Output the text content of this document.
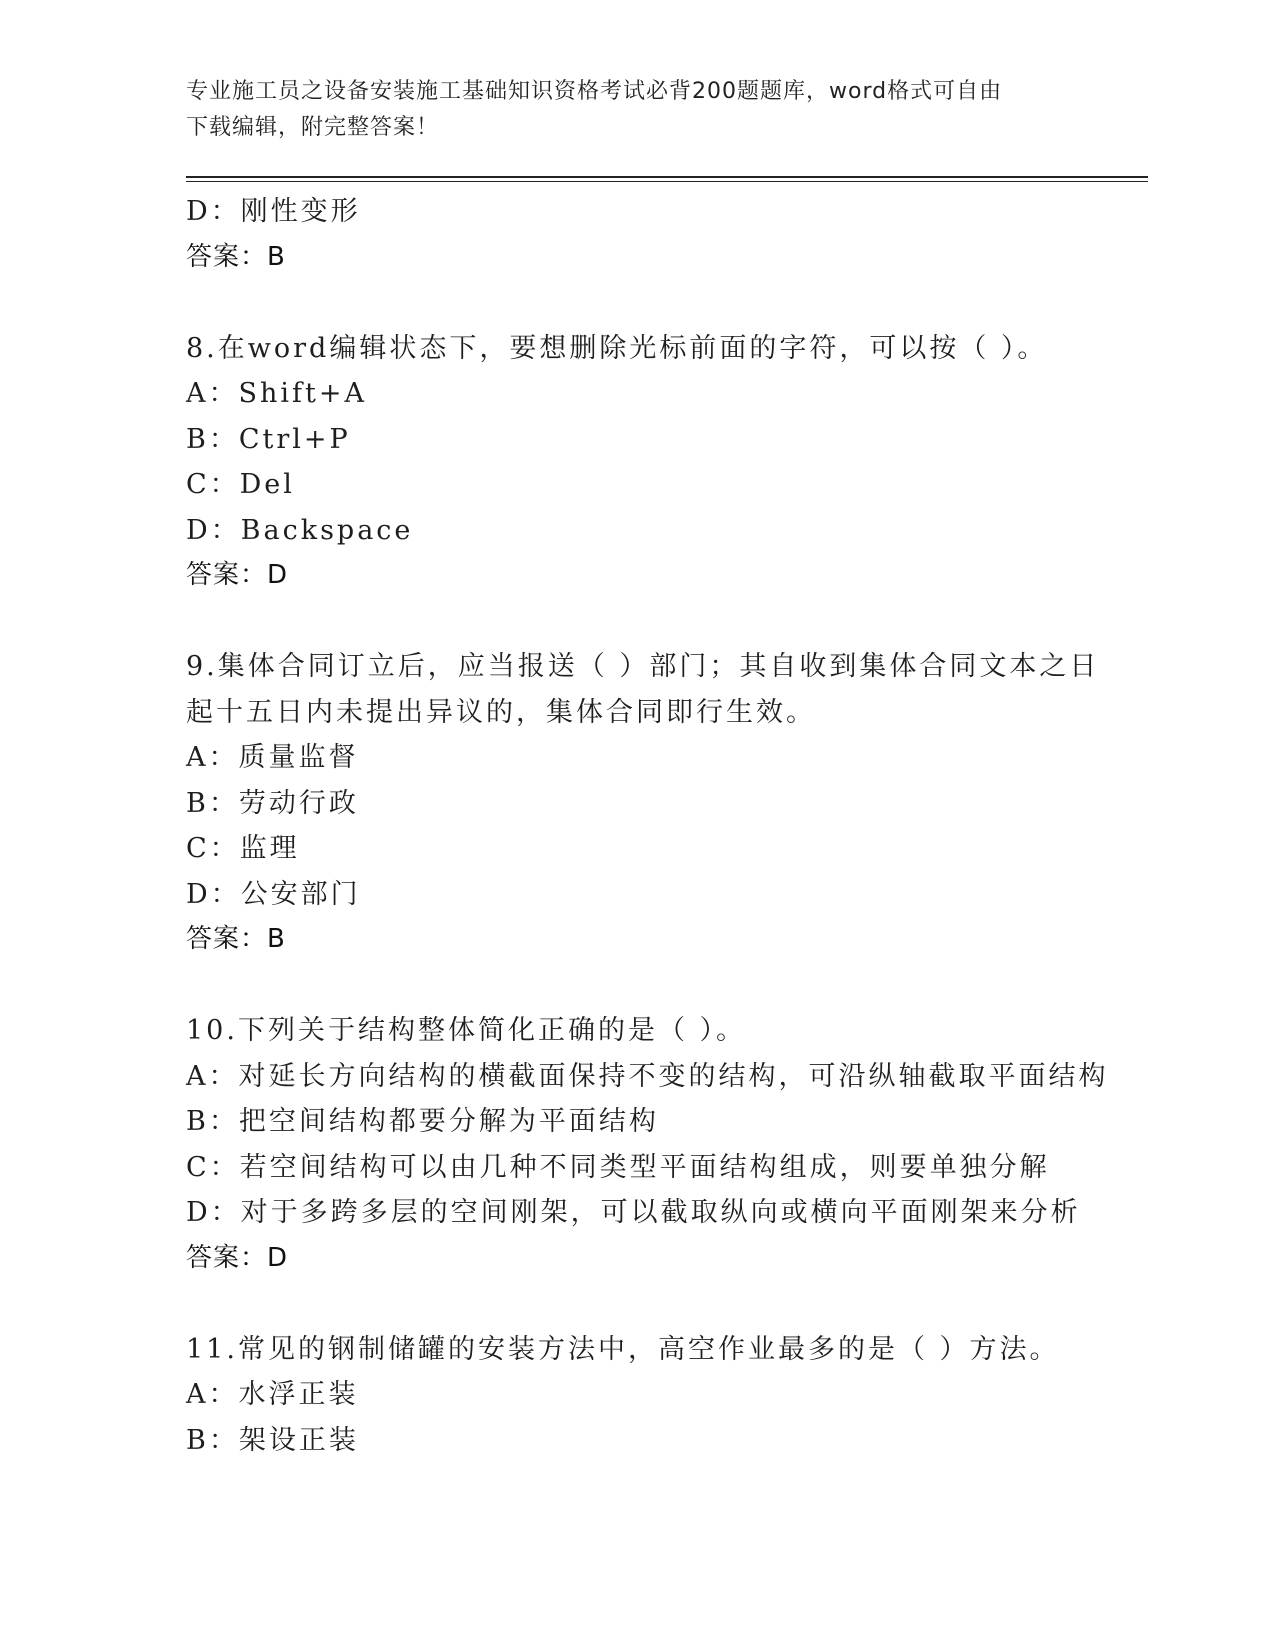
专业施工员之设备安装施工基础知识资格考试必背200题题库，word格式可自由
下载编辑，附完整答案！
D：刚性变形
答案：B
8.在word编辑状态下，要想删除光标前面的字符，可以按（ ）。
A：Shift+A
B：Ctrl+P
C：Del
D：Backspace
答案：D
9.集体合同订立后，应当报送（ ）部门；其自收到集体合同文本之日
起十五日内未提出异议的，集体合同即行生效。
A：质量监督
B：劳动行政
C：监理
D：公安部门
答案：B
10.下列关于结构整体简化正确的是（ ）。
A：对延长方向结构的横截面保持不变的结构，可沿纵轴截取平面结构
B：把空间结构都要分解为平面结构
C：若空间结构可以由几种不同类型平面结构组成，则要单独分解
D：对于多跨多层的空间刚架，可以截取纵向或横向平面刚架来分析
答案：D
11.常见的钢制储罐的安装方法中，高空作业最多的是（ ）方法。
A：水浮正装
B：架设正装
